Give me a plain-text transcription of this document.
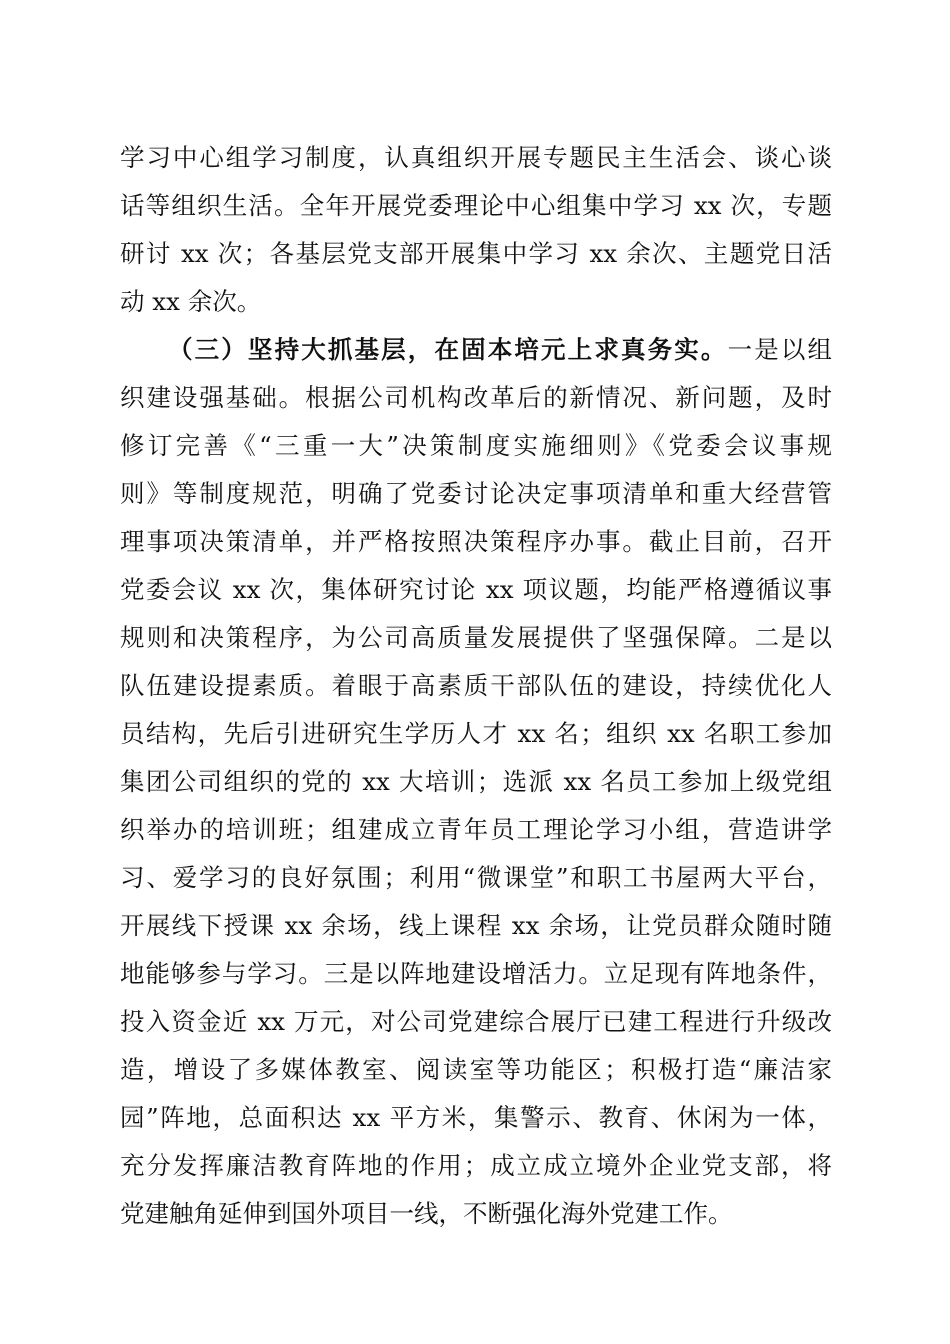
学习中心组学习制度，认真组织开展专题民主生活会、谈心谈
话等组织生活。全年开展党委理论中心组集中学习 xx 次，专题
研讨 xx 次；各基层党支部开展集中学习 xx 余次、主题党日活
动 xx 余次。
（三）坚持大抓基层，在固本培元上求真务实。一是以组
织建设强基础。根据公司机构改革后的新情况、新问题，及时
修订完善《“三重一大”决策制度实施细则》《党委会议事规
则》等制度规范，明确了党委讨论决定事项清单和重大经营管
理事项决策清单，并严格按照决策程序办事。截止目前，召开
党委会议 xx 次，集体研究讨论 xx 项议题，均能严格遵循议事
规则和决策程序，为公司高质量发展提供了坚强保障。二是以
队伍建设提素质。着眼于高素质干部队伍的建设，持续优化人
员结构，先后引进研究生学历人才 xx 名；组织 xx 名职工参加
集团公司组织的党的 xx 大培训；选派 xx 名员工参加上级党组
织举办的培训班；组建成立青年员工理论学习小组，营造讲学
习、爱学习的良好氛围；利用“微课堂”和职工书屋两大平台，
开展线下授课 xx 余场，线上课程 xx 余场，让党员群众随时随
地能够参与学习。三是以阵地建设增活力。立足现有阵地条件，
投入资金近 xx 万元，对公司党建综合展厅已建工程进行升级改
造，增设了多媒体教室、阅读室等功能区；积极打造“廉洁家
园”阵地，总面积达 xx 平方米，集警示、教育、休闲为一体，
充分发挥廉洁教育阵地的作用；成立成立境外企业党支部，将
党建触角延伸到国外项目一线，不断强化海外党建工作。
